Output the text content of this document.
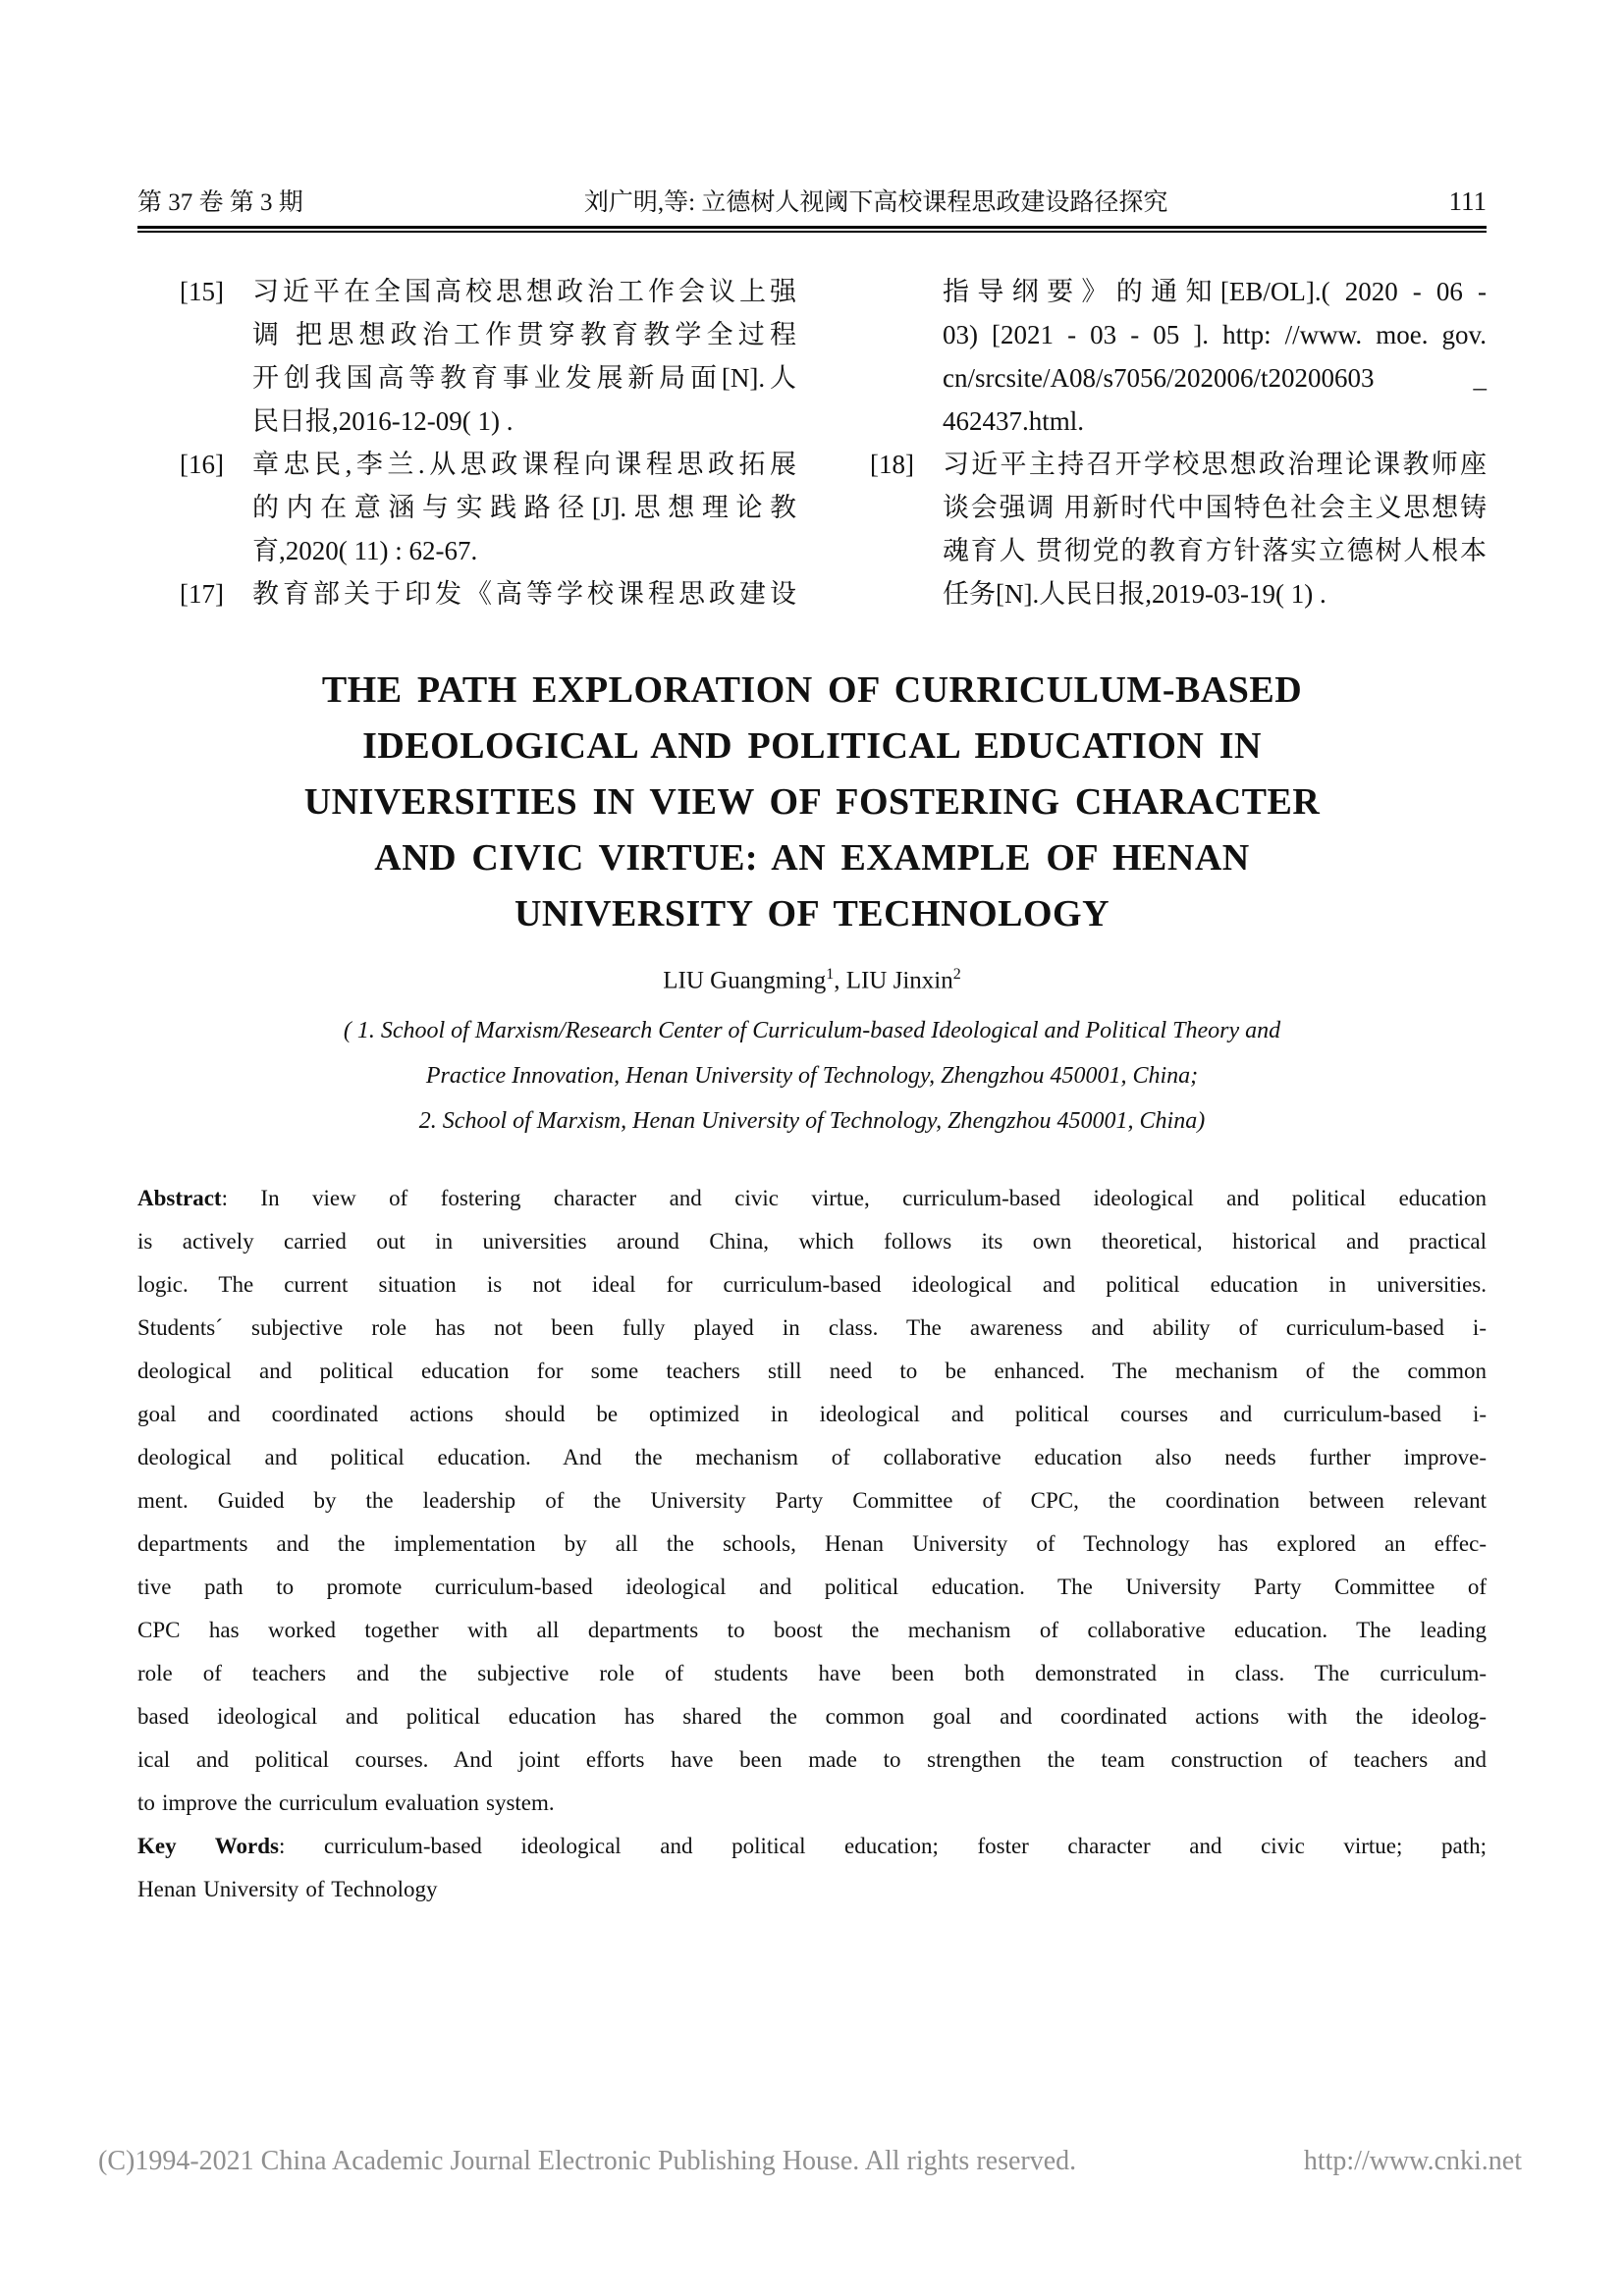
第 37 卷 第 3 期	刘广明,等: 立德树人视阈下高校课程思政建设路径探究	111
[15]	习近平在全国高校思想政治工作会议上强
调 把思想政治工作贯穿教育教学全过程
开创我国高等教育事业发展新局面[N].人
民日报,2016-12-09( 1) .
[16]	章忠民,李兰.从思政课程向课程思政拓展
的内在意涵与实践路径[J].思想理论教
育,2020( 11) : 62-67.
[17]	教育部关于印发《高等学校课程思政建设
指导纲要》的通知[EB/OL].( 2020 - 06 -
03) [2021 - 03 - 05 ]. http: //www. moe. gov.
cn/srcsite/A08/s7056/202006/t20200603 _
462437.html.
[18]	习近平主持召开学校思想政治理论课教师座
谈会强调 用新时代中国特色社会主义思想铸
魂育人 贯彻党的教育方针落实立德树人根本
任务[N].人民日报,2019-03-19( 1) .
THE PATH EXPLORATION OF CURRICULUM-BASED
IDEOLOGICAL AND POLITICAL EDUCATION IN
UNIVERSITIES IN VIEW OF FOSTERING CHARACTER
AND CIVIC VIRTUE: AN EXAMPLE OF HENAN
UNIVERSITY OF TECHNOLOGY
LIU Guangming$^1$, LIU Jinxin$^2$
( 1. School of Marxism/Research Center of Curriculum-based Ideological and Political Theory and
Practice Innovation, Henan University of Technology, Zhengzhou 450001, China;
2. School of Marxism, Henan University of Technology, Zhengzhou 450001, China)
Abstract: In view of fostering character and civic virtue, curriculum-based ideological and political education
is actively carried out in universities around China, which follows its own theoretical, historical and practical
logic. The current situation is not ideal for curriculum-based ideological and political education in universities.
Students´ subjective role has not been fully played in class. The awareness and ability of curriculum-based i-
deological and political education for some teachers still need to be enhanced. The mechanism of the common
goal and coordinated actions should be optimized in ideological and political courses and curriculum-based i-
deological and political education. And the mechanism of collaborative education also needs further improve-
ment. Guided by the leadership of the University Party Committee of CPC, the coordination between relevant
departments and the implementation by all the schools, Henan University of Technology has explored an effec-
tive path to promote curriculum-based ideological and political education. The University Party Committee of
CPC has worked together with all departments to boost the mechanism of collaborative education. The leading
role of teachers and the subjective role of students have been both demonstrated in class. The curriculum-
based ideological and political education has shared the common goal and coordinated actions with the ideolog-
ical and political courses. And joint efforts have been made to strengthen the team construction of teachers and
to improve the curriculum evaluation system.
Key Words: curriculum-based ideological and political education; foster character and civic virtue; path;
Henan University of Technology
(C)1994-2021 China Academic Journal Electronic Publishing House. All rights reserved.	http://www.cnki.net
